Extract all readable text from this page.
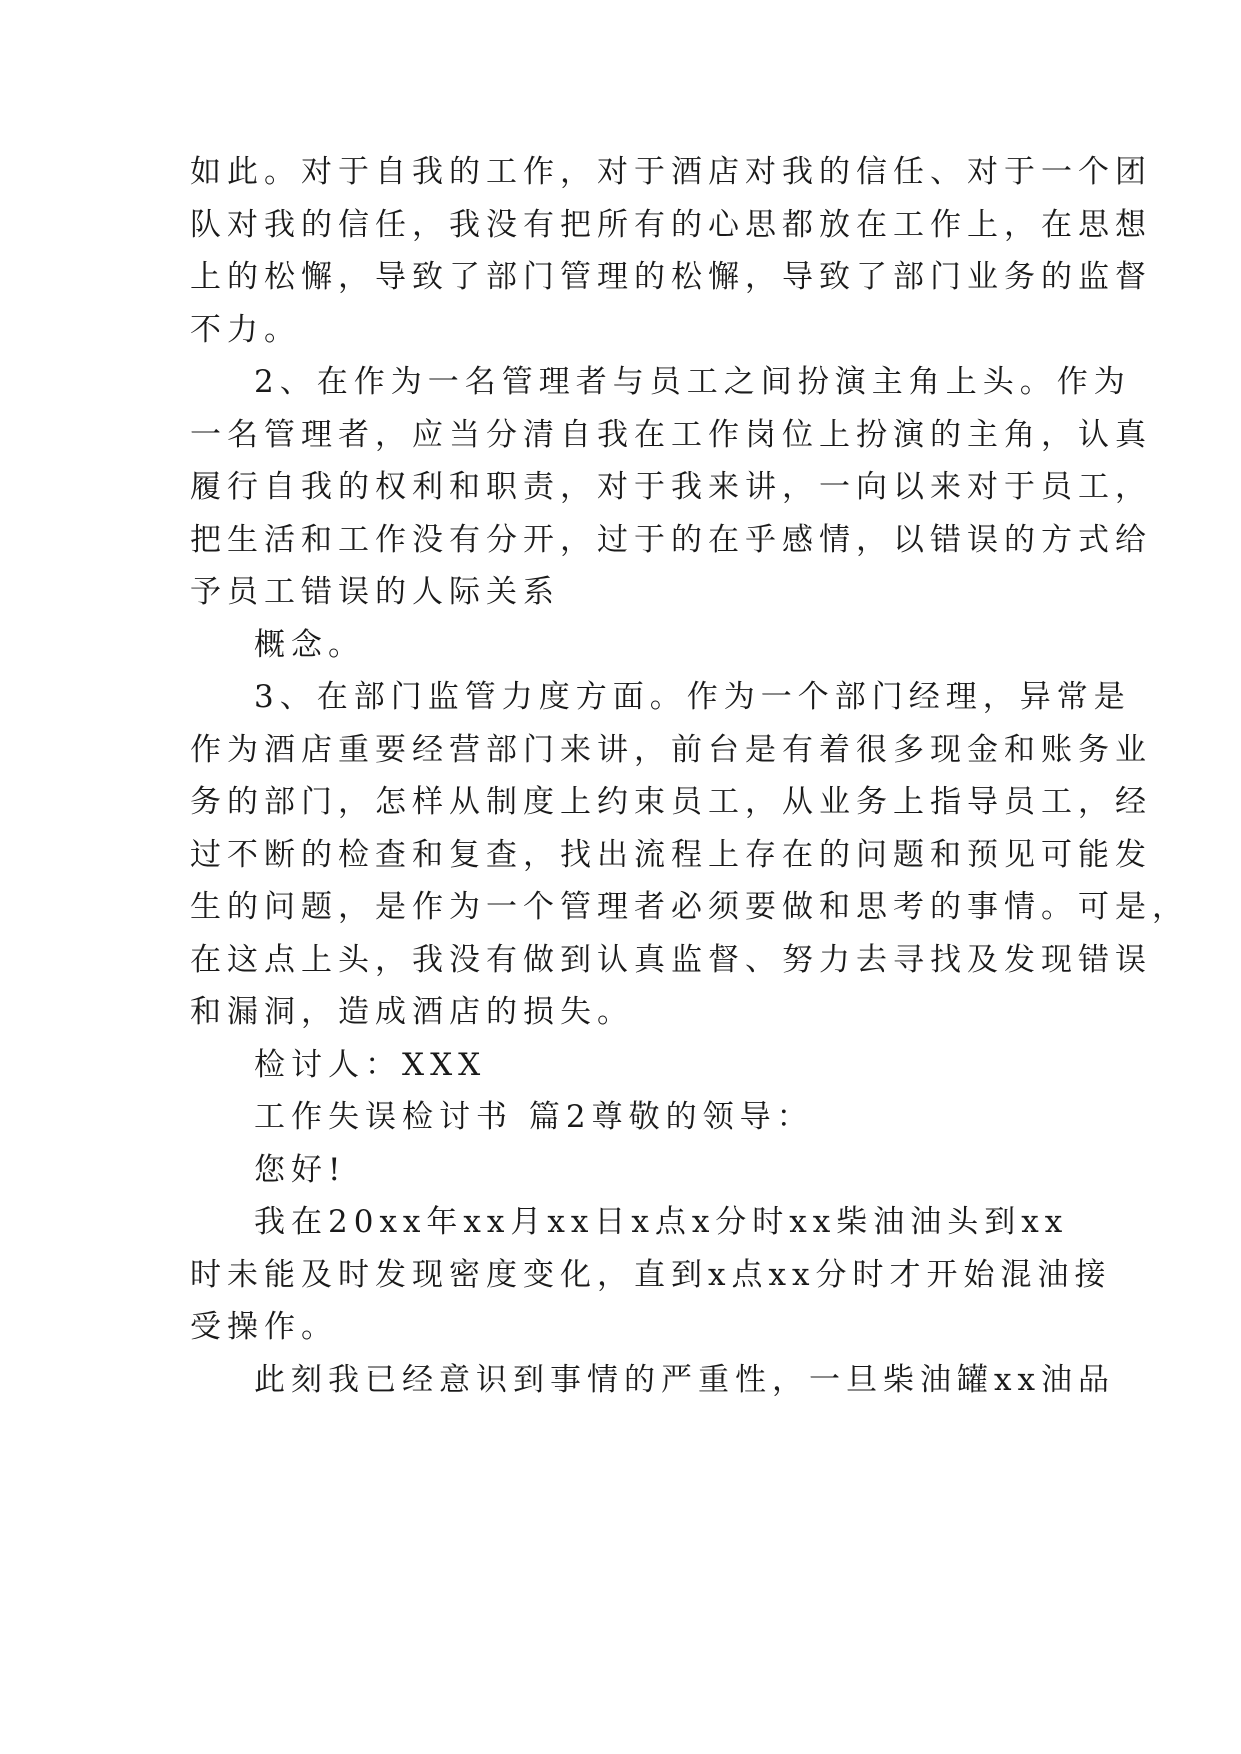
如此。对于自我的工作，对于酒店对我的信任、对于一个团
队对我的信任，我没有把所有的心思都放在工作上，在思想
上的松懈，导致了部门管理的松懈，导致了部门业务的监督
不力。
2、在作为一名管理者与员工之间扮演主角上头。作为
一名管理者，应当分清自我在工作岗位上扮演的主角，认真
履行自我的权利和职责，对于我来讲，一向以来对于员工，
把生活和工作没有分开，过于的在乎感情，以错误的方式给
予员工错误的人际关系
概念。
3、在部门监管力度方面。作为一个部门经理，异常是
作为酒店重要经营部门来讲，前台是有着很多现金和账务业
务的部门，怎样从制度上约束员工，从业务上指导员工，经
过不断的检查和复查，找出流程上存在的问题和预见可能发
生的问题，是作为一个管理者必须要做和思考的事情。可是，
在这点上头，我没有做到认真监督、努力去寻找及发现错误
和漏洞，造成酒店的损失。
检讨人：XXX
工作失误检讨书 篇2尊敬的领导：
您好!
我在20xx年xx月xx日x点x分时xx柴油油头到xx
时未能及时发现密度变化，直到x点xx分时才开始混油接
受操作。
此刻我已经意识到事情的严重性，一旦柴油罐xx油品
